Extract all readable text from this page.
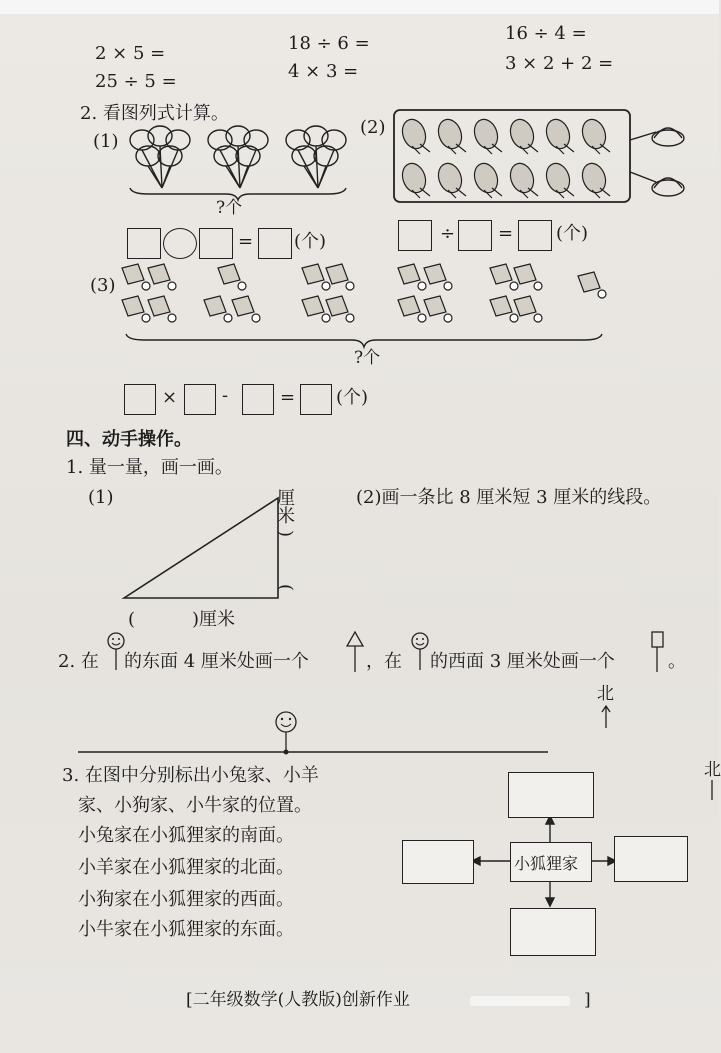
2 × 5 =
25 ÷ 5 =
18 ÷ 6 =
4 × 3 =
16 ÷ 4 =
3 × 2 + 2 =
2. 看图列式计算。
(1)
?个
= (个)
(2)
÷ = (个)
(3)
?个
× -	= (个)
四、动手操作。
1. 量一量，画一画。
(1)	(2)画一条比 8 厘米短 3 厘米的线段。
(	)厘米
厘米
)
(
2. 在 的东面 4 厘米处画一个	，在 的西面 3 厘米处画一个	。
北
3. 在图中分别标出小兔家、小羊
家、小狗家、小牛家的位置。
小兔家在小狐狸家的南面。
小羊家在小狐狸家的北面。
小狗家在小狐狸家的西面。
小牛家在小狐狸家的东面。
小狐狸家
北
[二年级数学(人教版)创新作业	]
